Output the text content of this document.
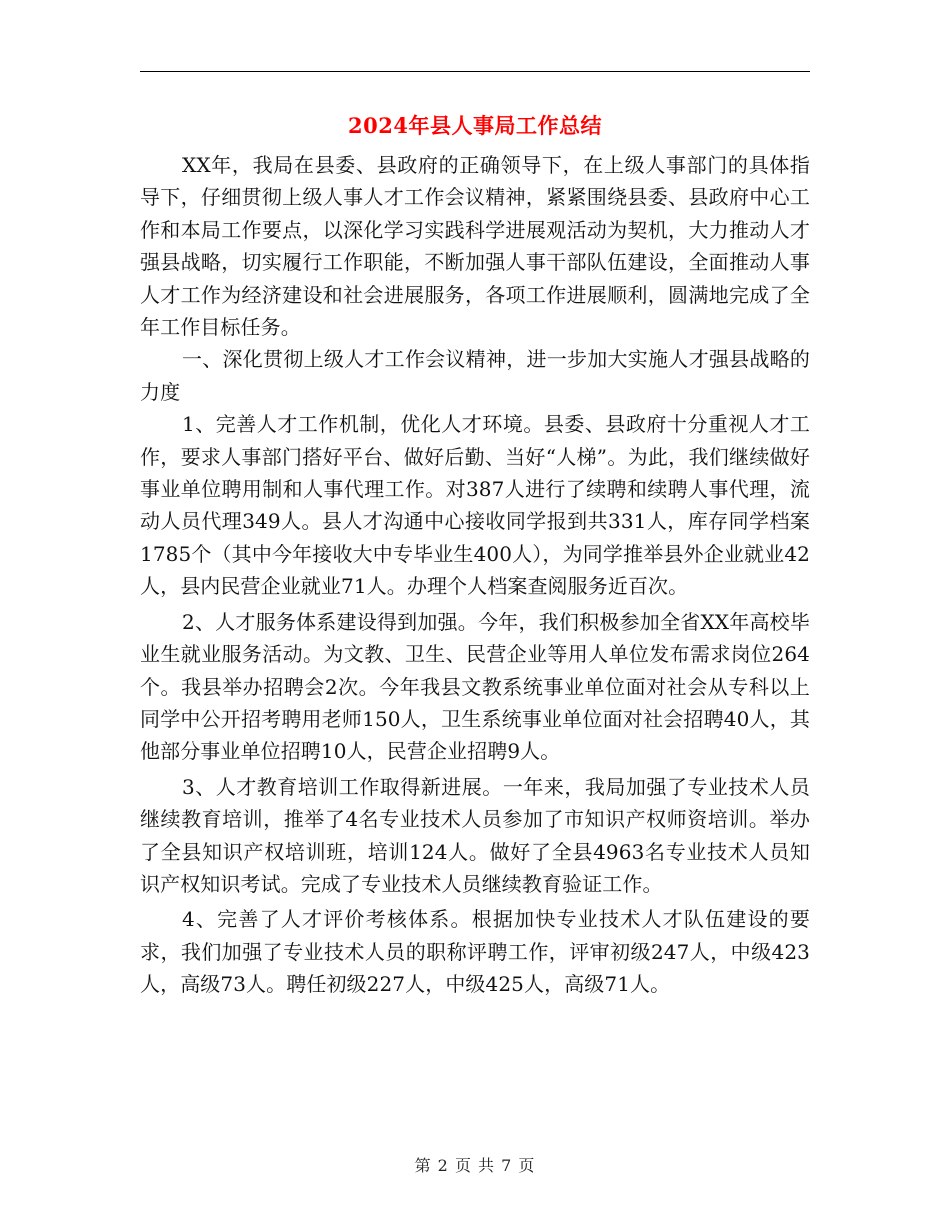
2024年县人事局工作总结

XX年，我局在县委、县政府的正确领导下，在上级人事部门的具体指导下，仔细贯彻上级人事人才工作会议精神，紧紧围绕县委、县政府中心工作和本局工作要点，以深化学习实践科学进展观活动为契机，大力推动人才强县战略，切实履行工作职能，不断加强人事干部队伍建设，全面推动人事人才工作为经济建设和社会进展服务，各项工作进展顺利，圆满地完成了全年工作目标任务。

一、深化贯彻上级人才工作会议精神，进一步加大实施人才强县战略的力度

1、完善人才工作机制，优化人才环境。县委、县政府十分重视人才工作，要求人事部门搭好平台、做好后勤、当好“人梯”。为此，我们继续做好事业单位聘用制和人事代理工作。对387人进行了续聘和续聘人事代理，流动人员代理349人。县人才沟通中心接收同学报到共331人，库存同学档案1785个（其中今年接收大中专毕业生400人），为同学推举县外企业就业42人，县内民营企业就业71人。办理个人档案查阅服务近百次。

2、人才服务体系建设得到加强。今年，我们积极参加全省XX年高校毕业生就业服务活动。为文教、卫生、民营企业等用人单位发布需求岗位264个。我县举办招聘会2次。今年我县文教系统事业单位面对社会从专科以上同学中公开招考聘用老师150人，卫生系统事业单位面对社会招聘40人，其他部分事业单位招聘10人，民营企业招聘9人。

3、人才教育培训工作取得新进展。一年来，我局加强了专业技术人员继续教育培训，推举了4名专业技术人员参加了市知识产权师资培训。举办了全县知识产权培训班，培训124人。做好了全县4963名专业技术人员知识产权知识考试。完成了专业技术人员继续教育验证工作。

4、完善了人才评价考核体系。根据加快专业技术人才队伍建设的要求，我们加强了专业技术人员的职称评聘工作，评审初级247人，中级423人，高级73人。聘任初级227人，中级425人，高级71人。

第 2 页 共 7 页
